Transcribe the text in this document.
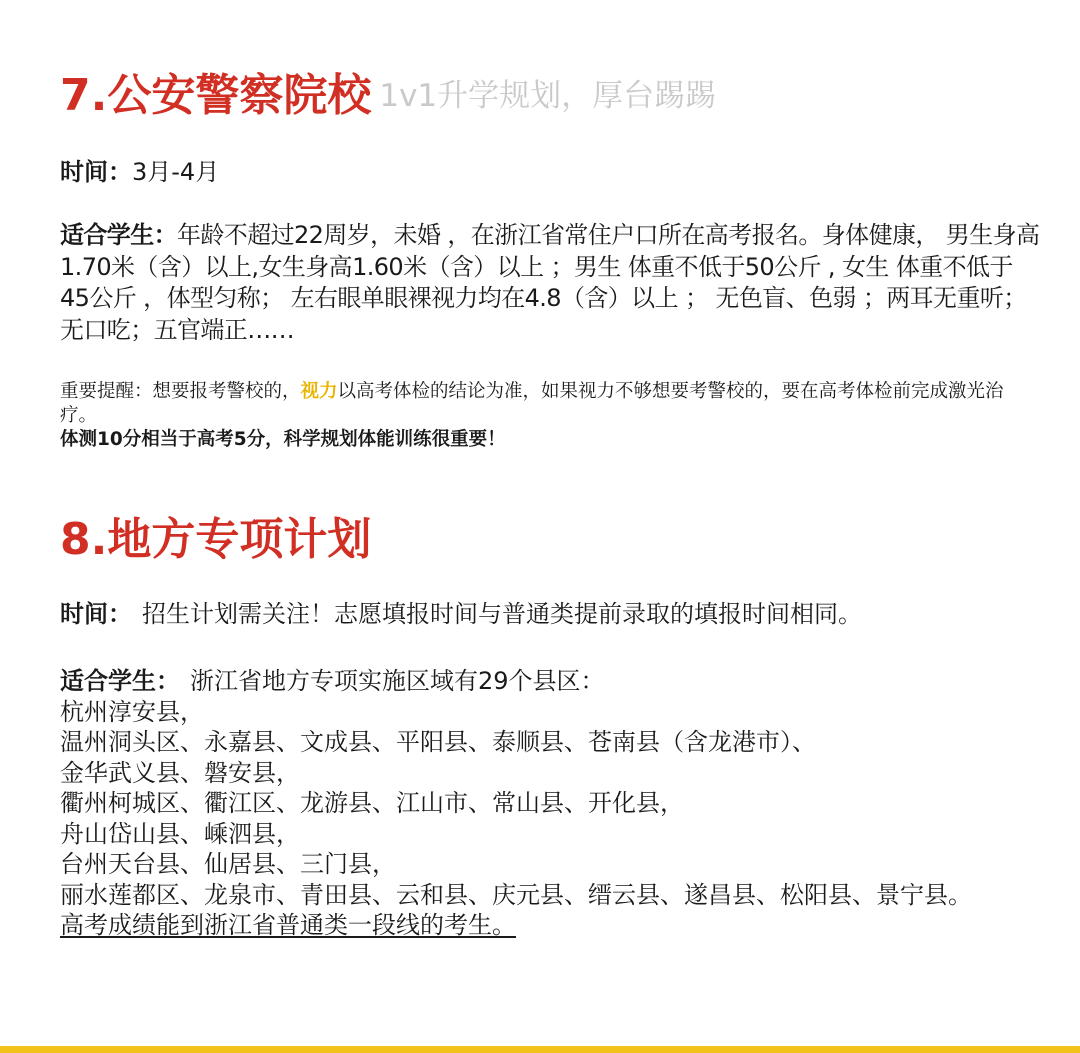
7.公安警察院校 1v1升学规划，厚台踢踢
时间：3月-4月
适合学生：年龄不超过22周岁，未婚 ，在浙江省常住户口所在高考报名。身体健康， 男生身高1.70米（含）以上,女生身高1.60米（含）以上 ；男生 体重不低于50公斤 , 女生 体重不低于45公斤 ，体型匀称； 左右眼单眼裸视力均在4.8（含）以上 ； 无色盲、色弱 ；两耳无重听；无口吃；五官端正……
重要提醒：想要报考警校的，视力以高考体检的结论为准，如果视力不够想要考警校的，要在高考体检前完成激光治疗。
体测10分相当于高考5分，科学规划体能训练很重要！
8.地方专项计划
时间： 招生计划需关注！志愿填报时间与普通类提前录取的填报时间相同。
适合学生： 浙江省地方专项实施区域有29个县区：
杭州淳安县，
温州洞头区、永嘉县、文成县、平阳县、泰顺县、苍南县（含龙港市）、
金华武义县、磐安县，
衢州柯城区、衢江区、龙游县、江山市、常山县、开化县，
舟山岱山县、嵊泗县，
台州天台县、仙居县、三门县，
丽水莲都区、龙泉市、青田县、云和县、庆元县、缙云县、遂昌县、松阳县、景宁县。
高考成绩能到浙江省普通类一段线的考生。
